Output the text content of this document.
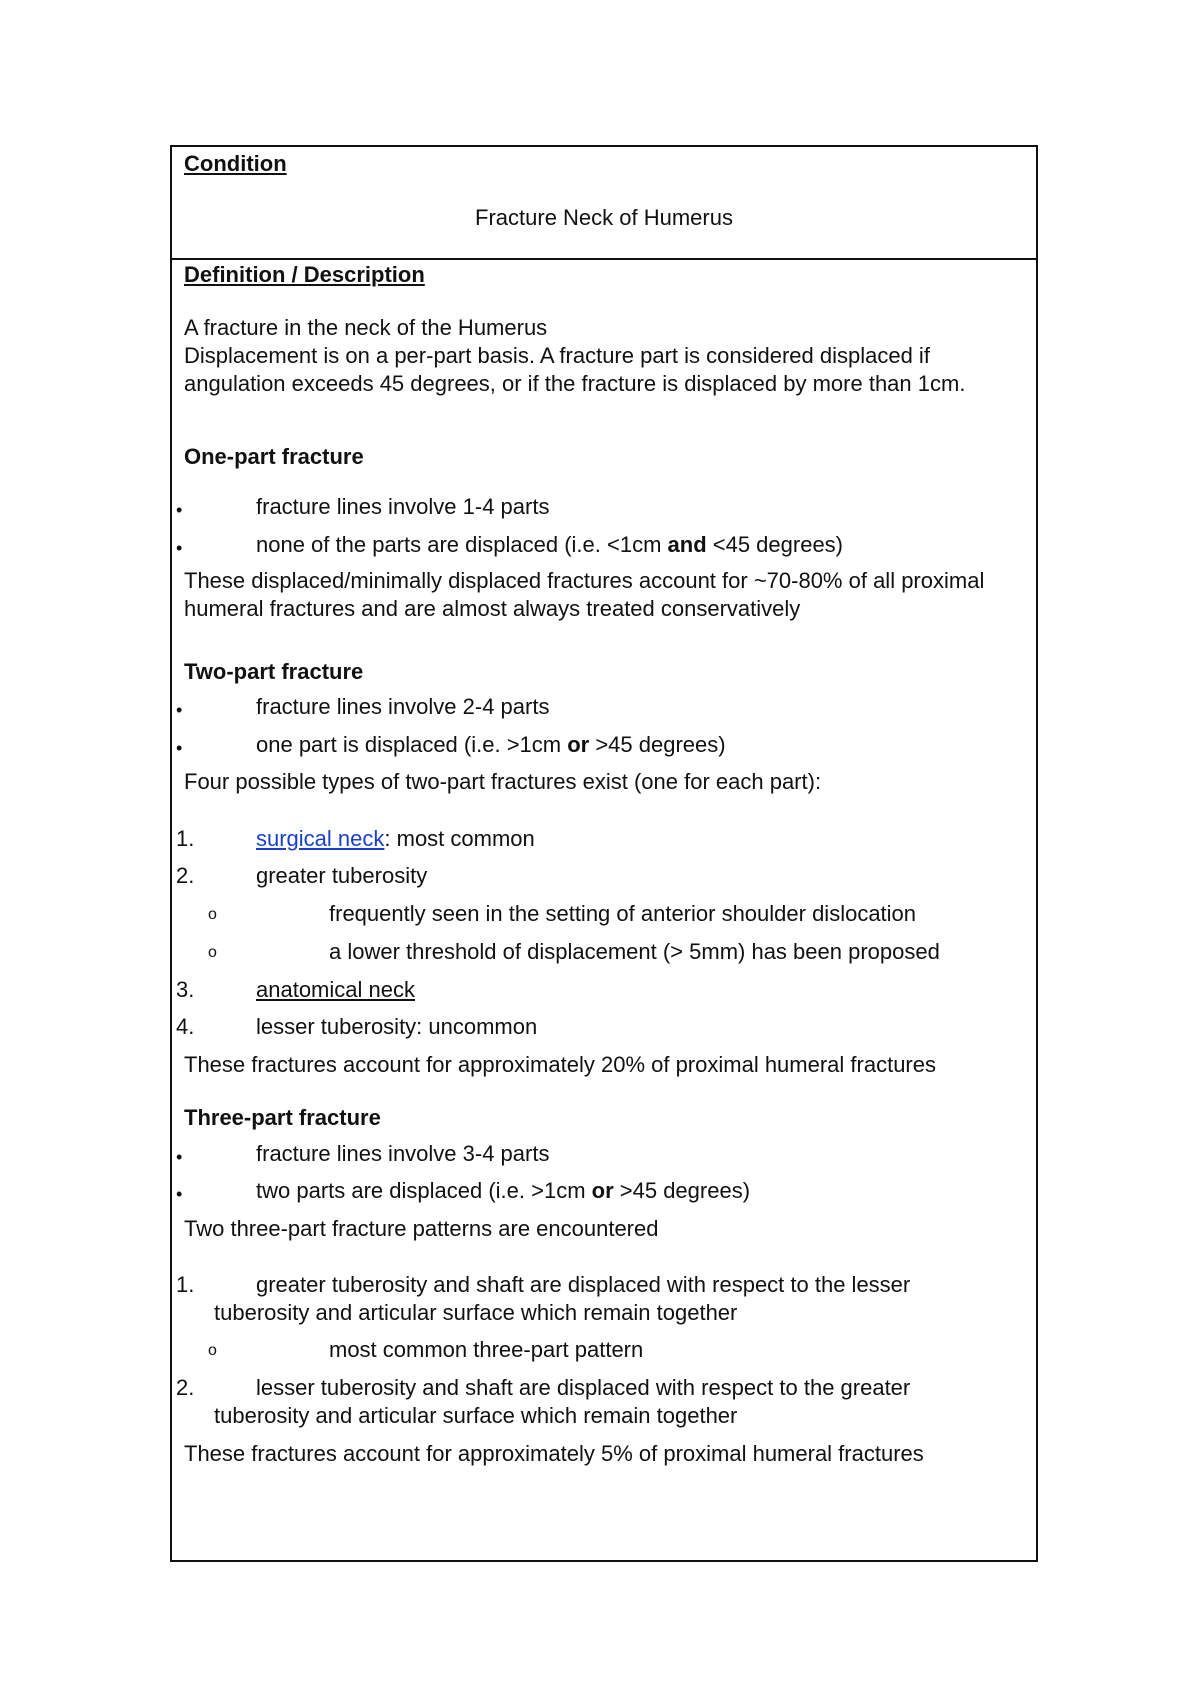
Condition
Fracture Neck of Humerus
Definition / Description
A fracture in the neck of the Humerus
Displacement is on a per-part basis. A fracture part is considered displaced if angulation exceeds 45 degrees, or if the fracture is displaced by more than 1cm.
One-part fracture
•	fracture lines involve 1-4 parts
•	none of the parts are displaced (i.e. <1cm and <45 degrees)
These displaced/minimally displaced fractures account for ~70-80% of all proximal humeral fractures and are almost always treated conservatively
Two-part fracture
•	fracture lines involve 2-4 parts
•	one part is displaced (i.e. >1cm or >45 degrees)
Four possible types of two-part fractures exist (one for each part):
1.	surgical neck: most common
2.	greater tuberosity
o	frequently seen in the setting of anterior shoulder dislocation
o	a lower threshold of displacement (> 5mm) has been proposed
3.	anatomical neck
4.	lesser tuberosity: uncommon
These fractures account for approximately 20% of proximal humeral fractures
Three-part fracture
•	fracture lines involve 3-4 parts
•	two parts are displaced (i.e. >1cm or >45 degrees)
Two three-part fracture patterns are encountered
1.	greater tuberosity and shaft are displaced with respect to the lesser
tuberosity and articular surface which remain together
o	most common three-part pattern
2.	lesser tuberosity and shaft are displaced with respect to the greater
tuberosity and articular surface which remain together
These fractures account for approximately 5% of proximal humeral fractures
